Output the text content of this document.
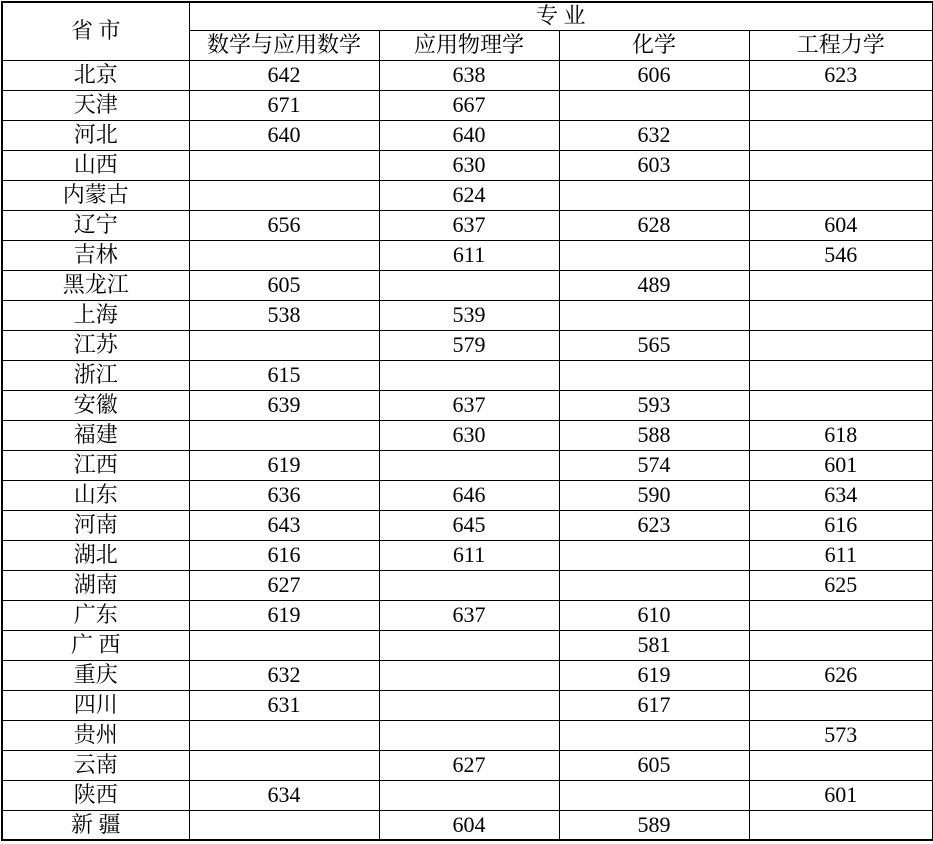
省 市	专 业			
	数学与应用数学	应用物理学	化学	工程力学
北京	642	638	606	623
天津	671	667		
河北	640	640	632	
山西		630	603	
内蒙古		624		
辽宁	656	637	628	604
吉林		611		546
黑龙江	605		489	
上海	538	539		
江苏		579	565	
浙江	615			
安徽	639	637	593	
福建		630	588	618
江西	619		574	601
山东	636	646	590	634
河南	643	645	623	616
湖北	616	611		611
湖南	627			625
广东	619	637	610	
广 西			581	
重庆	632		619	626
四川	631		617	
贵州				573
云南		627	605	
陕西	634			601
新 疆		604	589	
